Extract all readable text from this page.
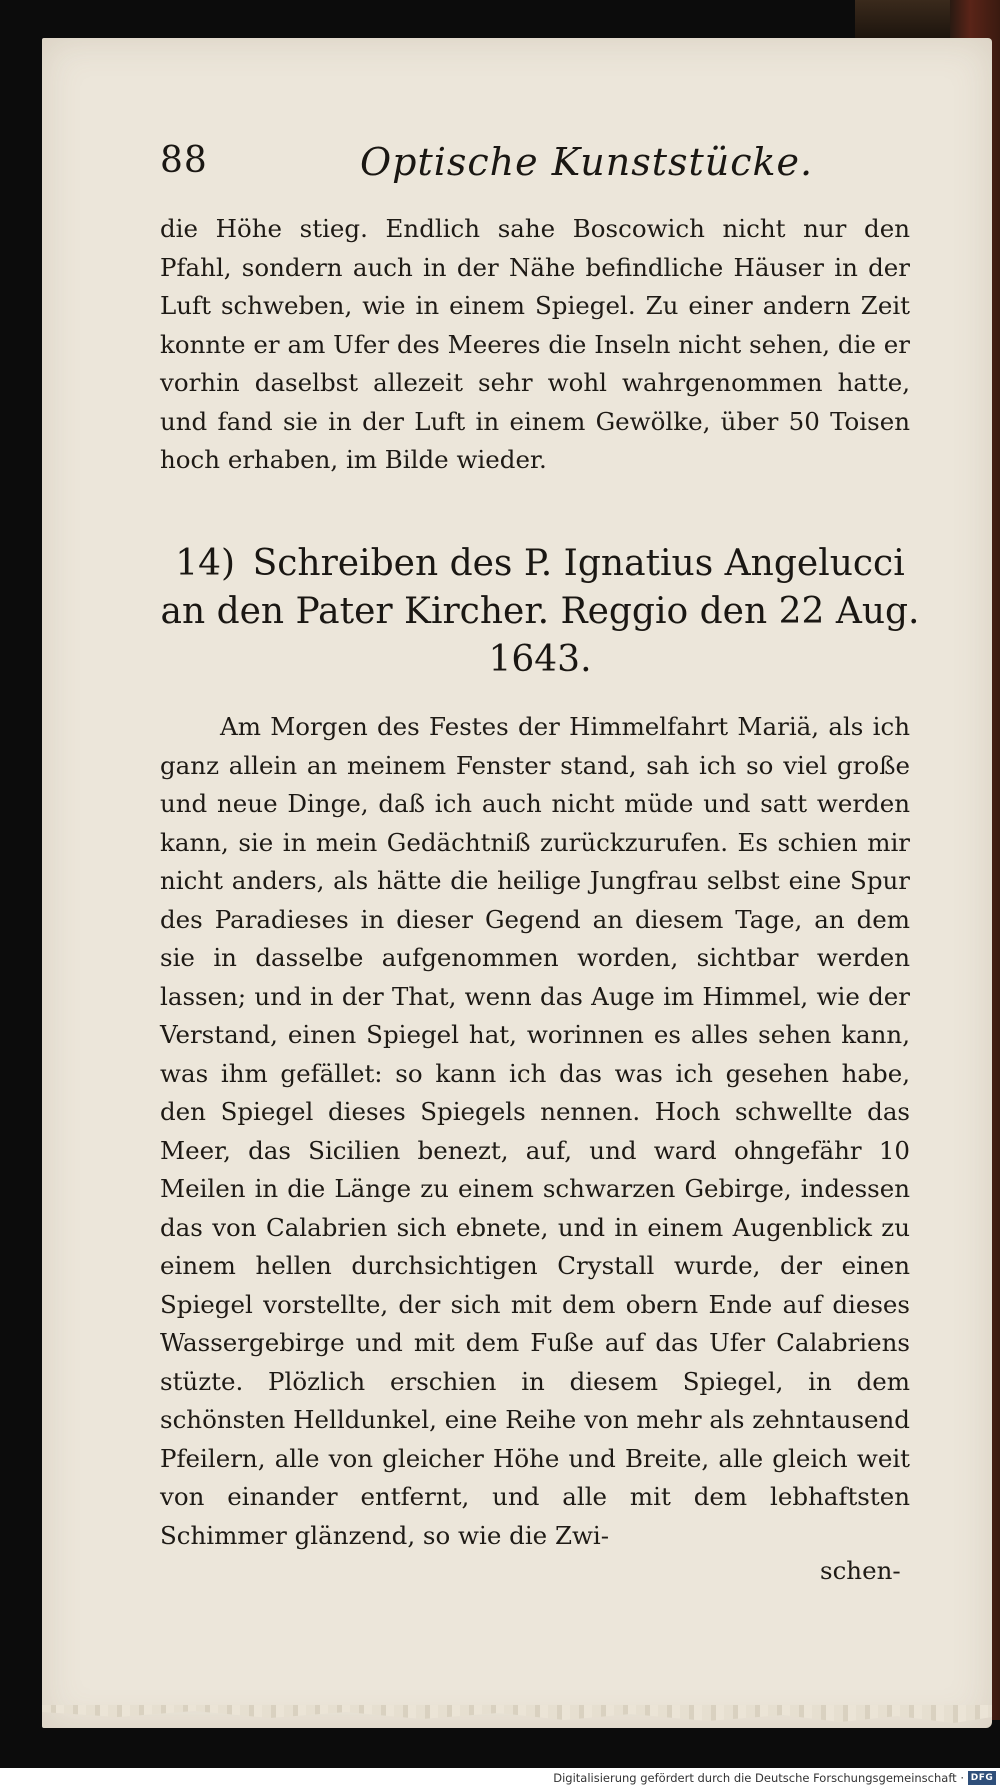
88	Optische Kunststücke.

die Höhe stieg. Endlich sahe Boscowich nicht nur den Pfahl, sondern auch in der Nähe befindliche Häuser in der Luft schweben, wie in einem Spiegel. Zu einer andern Zeit konnte er am Ufer des Meeres die Inseln nicht sehen, die er vorhin daselbst allezeit sehr wohl wahrgenommen hatte, und fand sie in der Luft in einem Gewölke, über 50 Toisen hoch erhaben, im Bilde wieder.

14) Schreiben des P. Ignatius Angelucci an den Pater Kircher. Reggio den 22 Aug. 1643.

Am Morgen des Festes der Himmelfahrt Mariä, als ich ganz allein an meinem Fenster stand, sah ich so viel große und neue Dinge, daß ich auch nicht müde und satt werden kann, sie in mein Gedächtniß zurückzurufen. Es schien mir nicht anders, als hätte die heilige Jungfrau selbst eine Spur des Paradieses in dieser Gegend an diesem Tage, an dem sie in dasselbe aufgenommen worden, sichtbar werden lassen; und in der That, wenn das Auge im Himmel, wie der Verstand, einen Spiegel hat, worinnen es alles sehen kann, was ihm gefället: so kann ich das was ich gesehen habe, den Spiegel dieses Spiegels nennen. Hoch schwellte das Meer, das Sicilien benezt, auf, und ward ohngefähr 10 Meilen in die Länge zu einem schwarzen Gebirge, indessen das von Calabrien sich ebnete, und in einem Augenblick zu einem hellen durchsichtigen Crystall wurde, der einen Spiegel vorstellte, der sich mit dem obern Ende auf dieses Wassergebirge und mit dem Fuße auf das Ufer Calabriens stüzte. Plözlich erschien in diesem Spiegel, in dem schönsten Helldunkel, eine Reihe von mehr als zehntausend Pfeilern, alle von gleicher Höhe und Breite, alle gleich weit von einander entfernt, und alle mit dem lebhaftsten Schimmer glänzend, so wie die Zwi-

schen-
Digitalisierung gefördert durch die Deutsche Forschungsgemeinschaft · DFG
